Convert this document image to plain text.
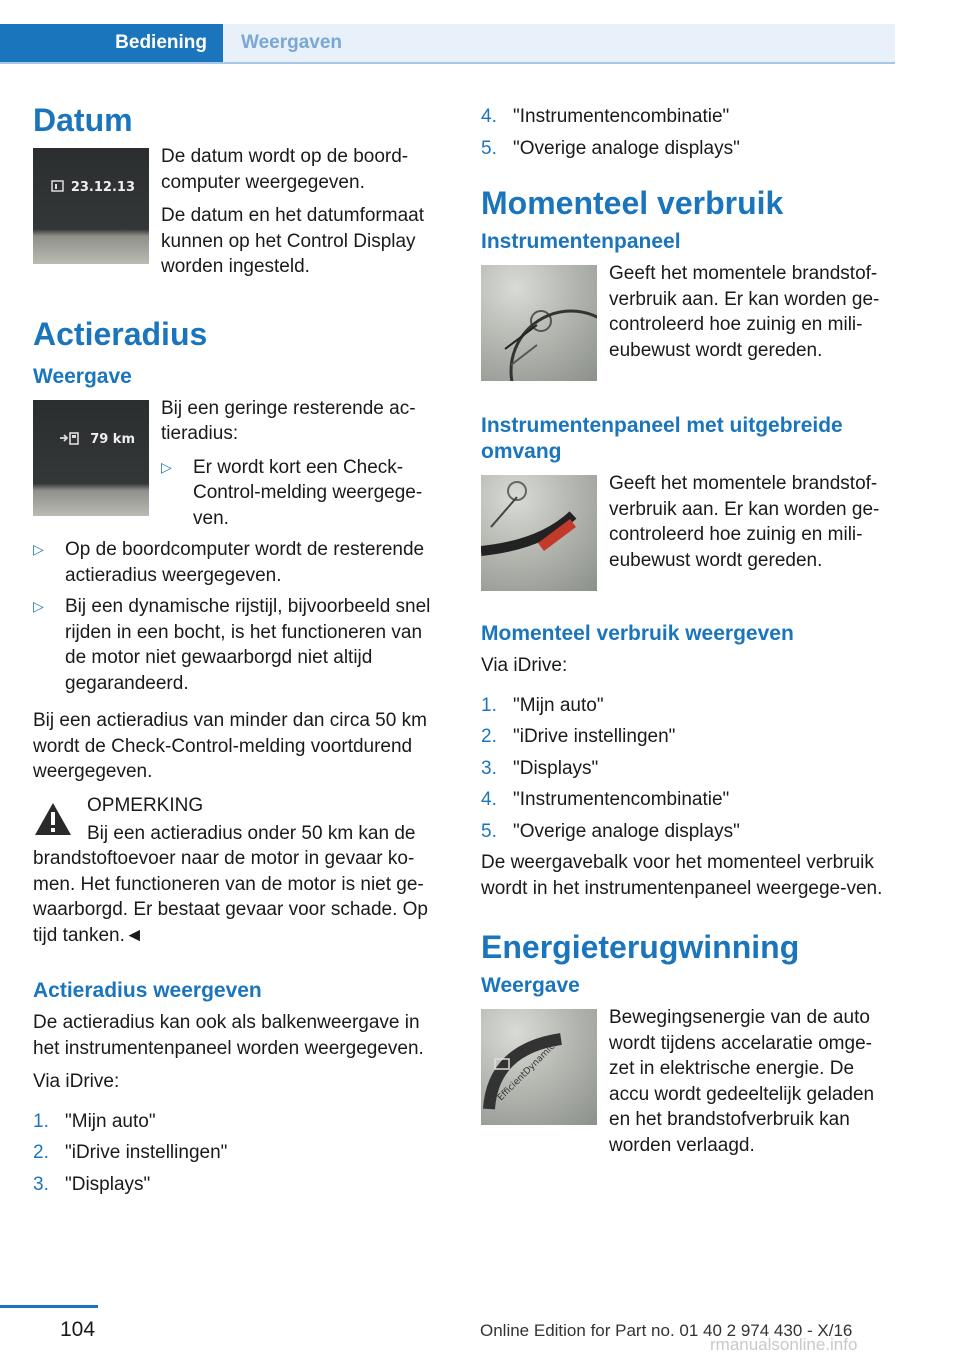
Bediening	Weergaven
Datum
23.12.13

De datum wordt op de boord-computer weergegeven.

De datum en het datumformaat kunnen op het Control Display worden ingesteld.

Actieradius
Weergave
79 km

Bij een geringe resterende ac-tieradius:

▷	Er wordt kort een Check-Control-melding weergege-ven.
▷	Op de boordcomputer wordt de resterende actieradius weergegeven.
▷	Bij een dynamische rijstijl, bijvoorbeeld snel rijden in een bocht, is het functioneren van de motor niet gewaarborgd niet altijd gegarandeerd.

Bij een actieradius van minder dan circa 50 km wordt de Check-Control-melding voortdurend weergegeven.

OPMERKING

Bij een actieradius onder 50 km kan de brandstoftoevoer naar de motor in gevaar ko-men. Het functioneren van de motor is niet ge-waarborgd. Er bestaat gevaar voor schade. Op tijd tanken.◄

Actieradius weergeven

De actieradius kan ook als balkenweergave in het instrumentenpaneel worden weergegeven.

Via iDrive:

1. "Mijn auto"
2. "iDrive instellingen"
3. "Displays"
4. "Instrumentencombinatie"
5. "Overige analoge displays"
Momenteel verbruik
Instrumentenpaneel

Geeft het momentele brandstof-verbruik aan. Er kan worden ge-controleerd hoe zuinig en mili-eubewust wordt gereden.

Instrumentenpaneel met uitgebreide omvang

Geeft het momentele brandstof-verbruik aan. Er kan worden ge-controleerd hoe zuinig en mili-eubewust wordt gereden.

Momenteel verbruik weergeven

Via iDrive:

1. "Mijn auto"
2. "iDrive instellingen"
3. "Displays"
4. "Instrumentencombinatie"
5. "Overige analoge displays"

De weergavebalk voor het momenteel verbruik wordt in het instrumentenpaneel weergege-ven.

Energieterugwinning
Weergave
EfficientDynamics

Bewegingsenergie van de auto wordt tijdens accelaratie omge-zet in elektrische energie. De accu wordt gedeeltelijk geladen en het brandstofverbruik kan worden verlaagd.

104	Online Edition for Part no. 01 40 2 974 430 - X/16
rmanualsonline.info
